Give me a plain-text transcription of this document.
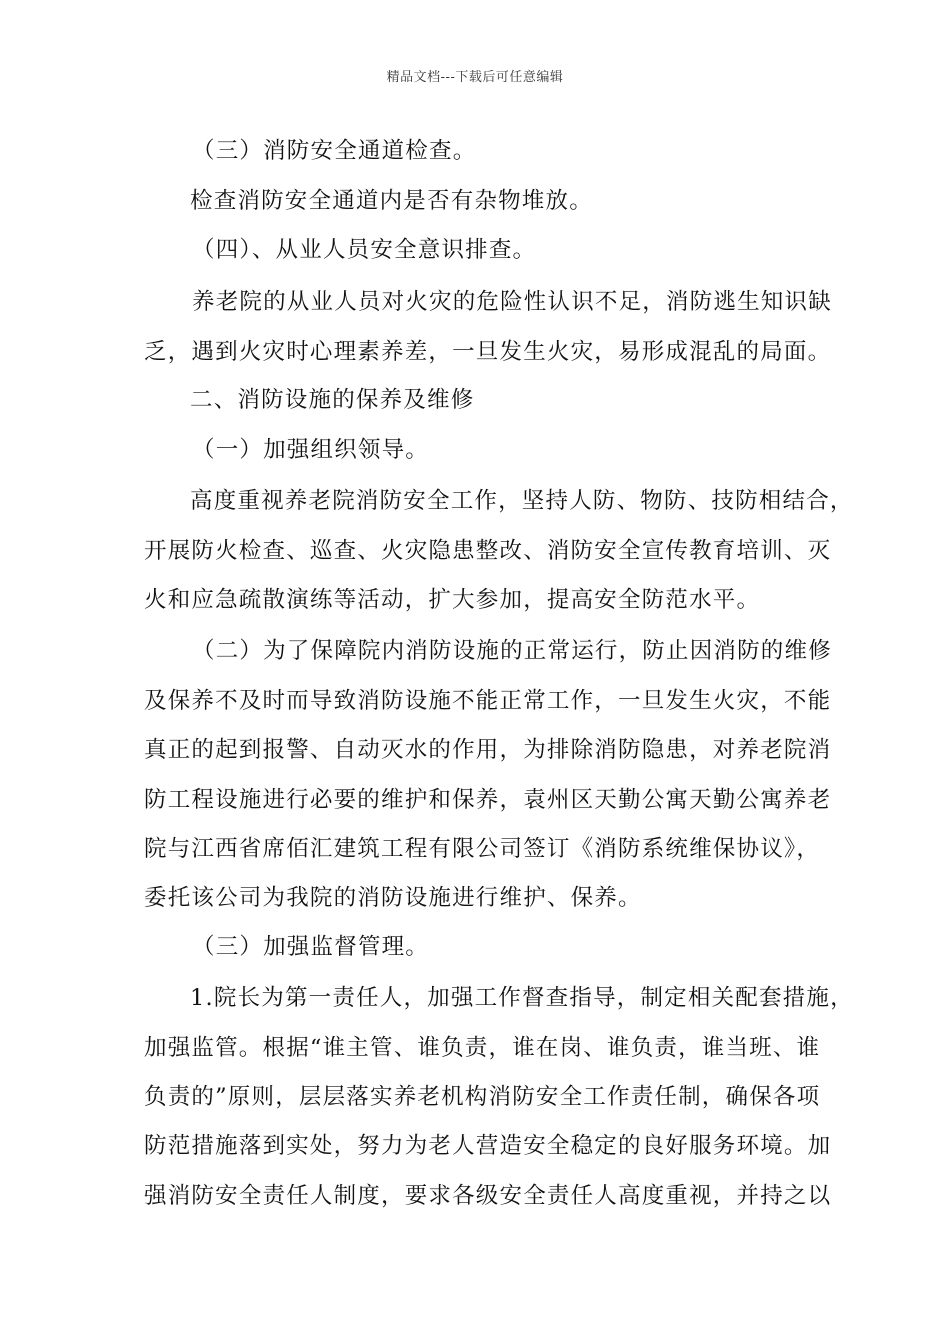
精品文档---下载后可任意编辑
（三）消防安全通道检查。
检查消防安全通道内是否有杂物堆放。
（四）、从业人员安全意识排查。
养老院的从业人员对火灾的危险性认识不足，消防逃生知识缺
乏，遇到火灾时心理素养差，一旦发生火灾，易形成混乱的局面。
二、消防设施的保养及维修
（一）加强组织领导。
高度重视养老院消防安全工作，坚持人防、物防、技防相结合，
开展防火检查、巡查、火灾隐患整改、消防安全宣传教育培训、灭
火和应急疏散演练等活动，扩大参加，提高安全防范水平。
（二）为了保障院内消防设施的正常运行，防止因消防的维修
及保养不及时而导致消防设施不能正常工作，一旦发生火灾，不能
真正的起到报警、自动灭水的作用，为排除消防隐患，对养老院消
防工程设施进行必要的维护和保养，袁州区天勤公寓天勤公寓养老
院与江西省席佰汇建筑工程有限公司签订《消防系统维保协议》，
委托该公司为我院的消防设施进行维护、保养。
（三）加强监督管理。
1.院长为第一责任人，加强工作督查指导，制定相关配套措施，
加强监管。根据“谁主管、谁负责，谁在岗、谁负责，谁当班、谁
负责的”原则，层层落实养老机构消防安全工作责任制，确保各项
防范措施落到实处，努力为老人营造安全稳定的良好服务环境。加
强消防安全责任人制度，要求各级安全责任人高度重视，并持之以
